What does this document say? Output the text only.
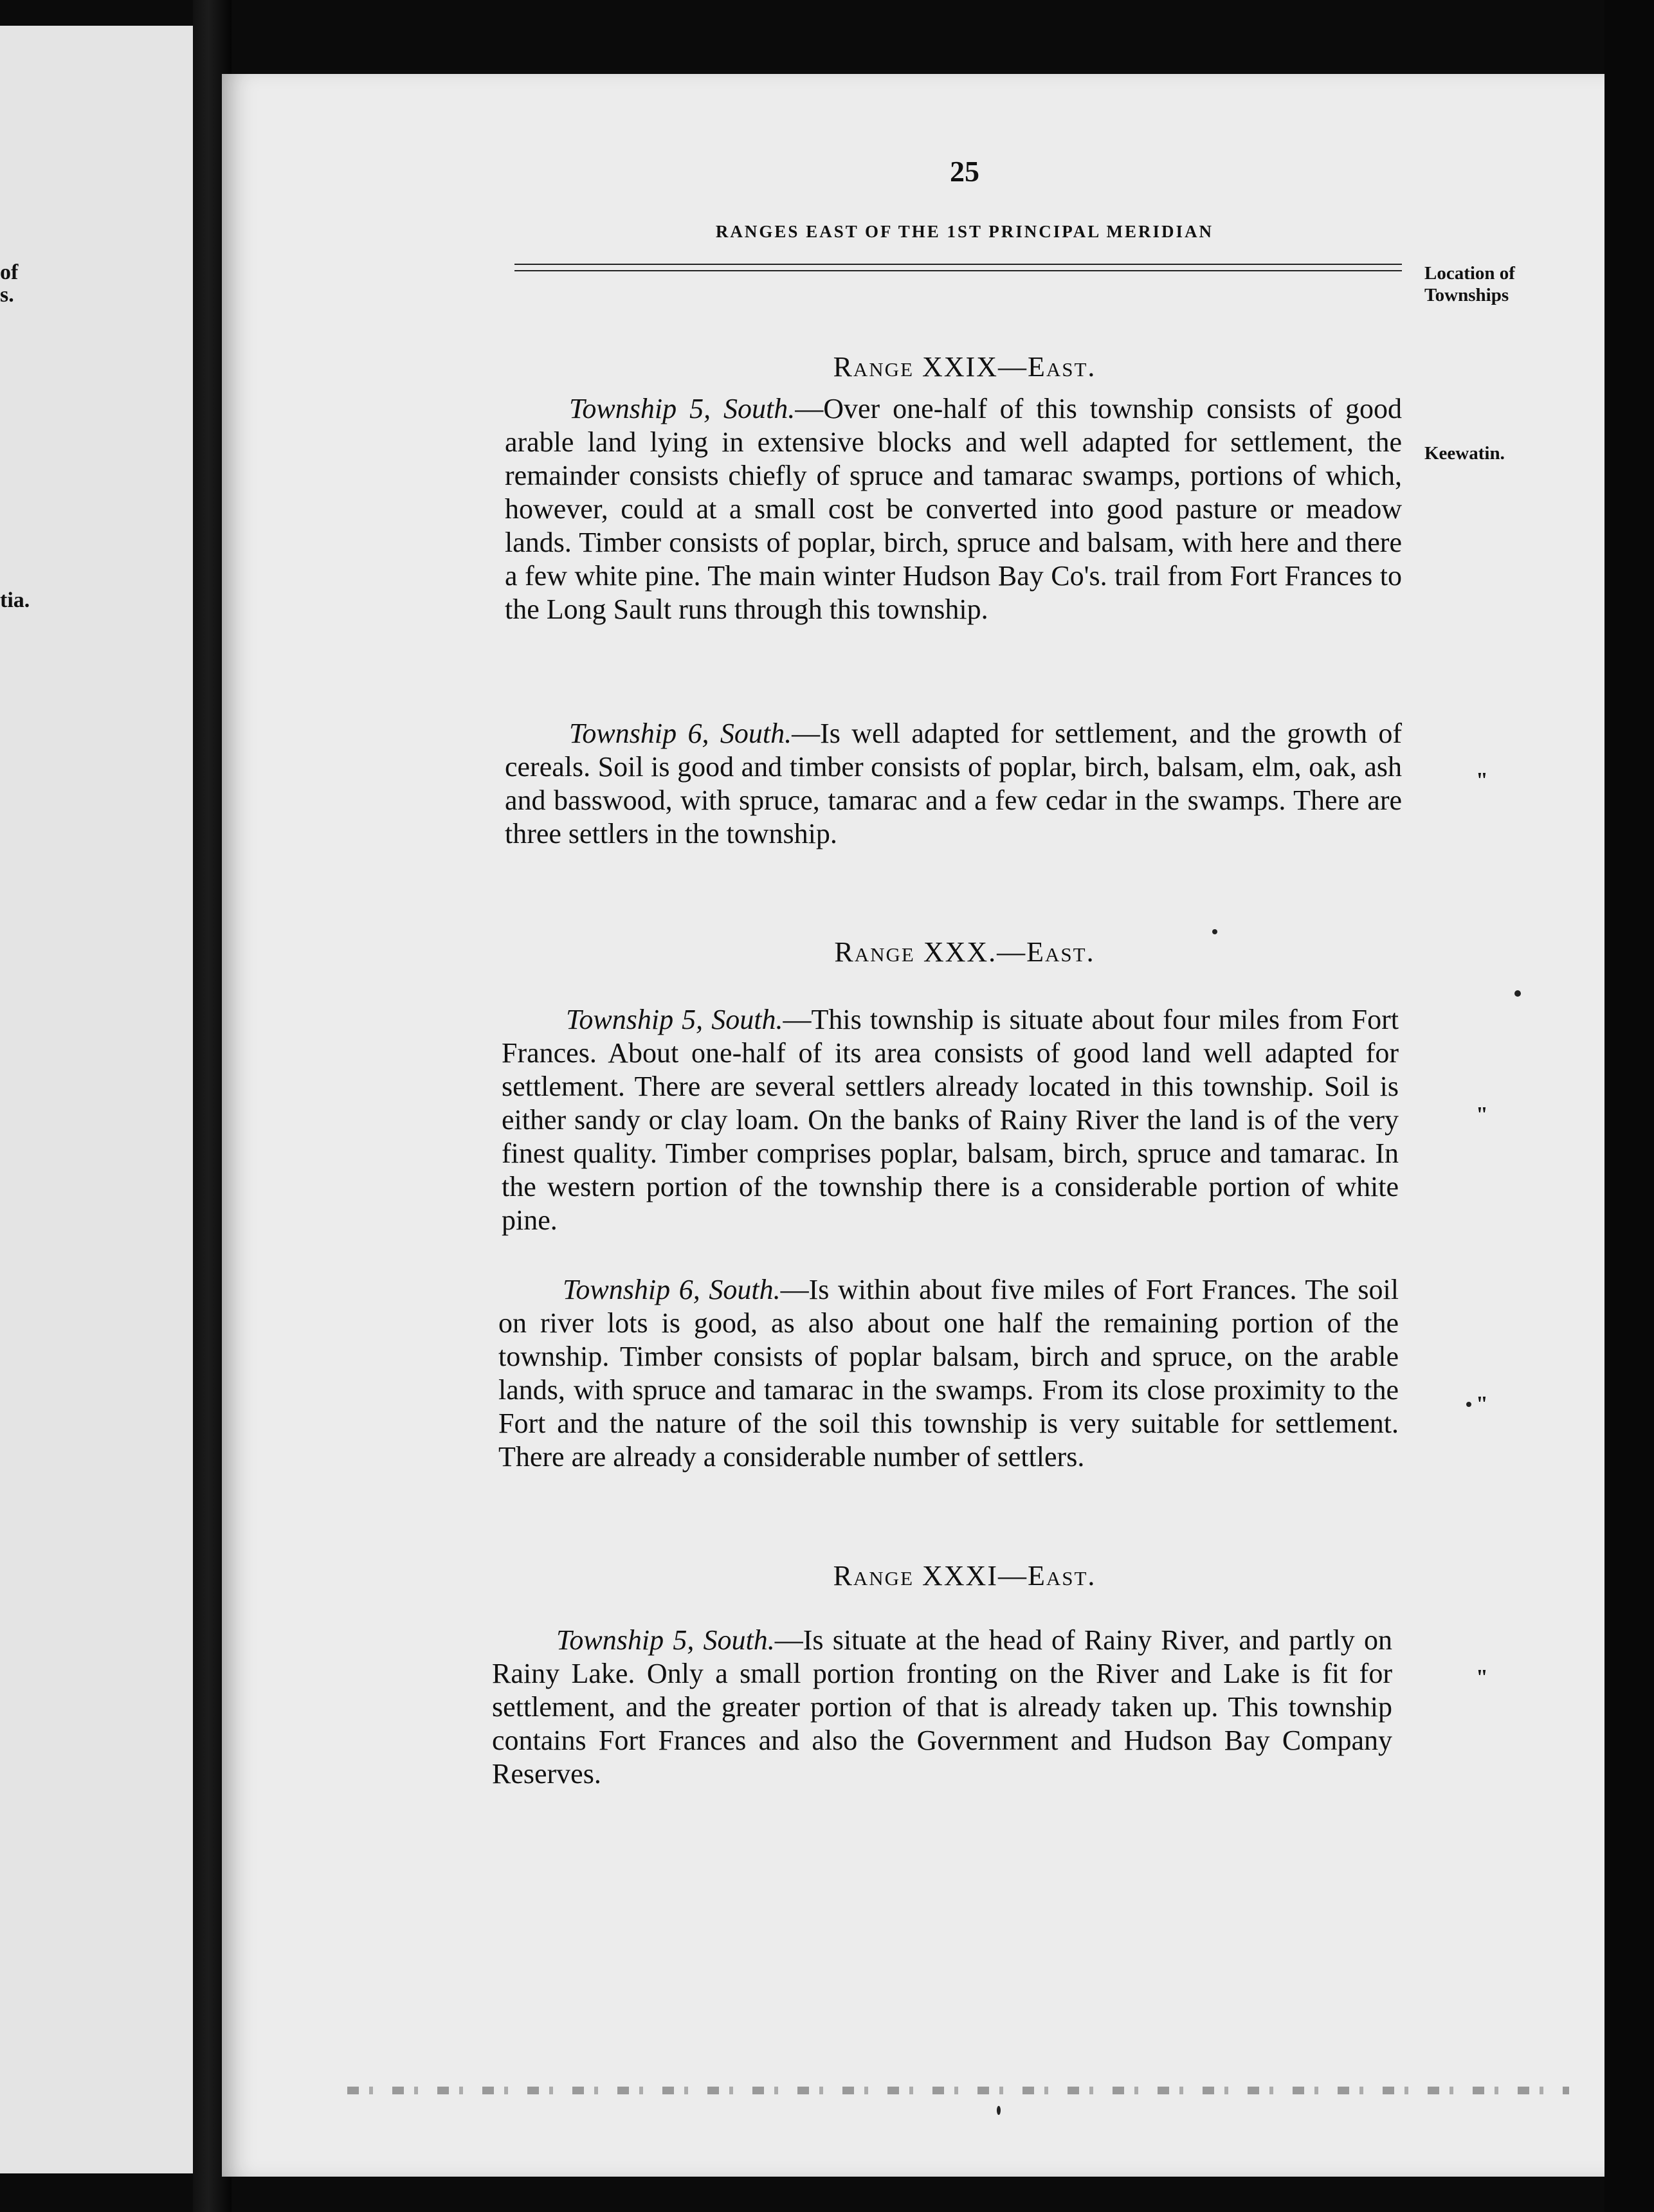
of
s.
tia.
25
RANGES EAST OF THE 1ST PRINCIPAL MERIDIAN
Location of Townships
Keewatin.
"
"
"
"
Range XXIX—East.

Township 5, South.—Over one-half of this township consists of good arable land lying in extensive blocks and well adapted for settlement, the remainder consists chiefly of spruce and tamarac swamps, portions of which, however, could at a small cost be converted into good pasture or meadow lands. Timber consists of poplar, birch, spruce and balsam, with here and there a few white pine. The main winter Hudson Bay Co's. trail from Fort Frances to the Long Sault runs through this township.

Township 6, South.—Is well adapted for settlement, and the growth of cereals. Soil is good and timber consists of poplar, birch, balsam, elm, oak, ash and basswood, with spruce, tamarac and a few cedar in the swamps. There are three settlers in the township.

Range XXX.—East.

Township 5, South.—This township is situate about four miles from Fort Frances. About one-half of its area consists of good land well adapted for settlement. There are several settlers already located in this township. Soil is either sandy or clay loam. On the banks of Rainy River the land is of the very finest quality. Timber comprises poplar, balsam, birch, spruce and tamarac. In the western portion of the township there is a considerable portion of white pine.

Township 6, South.—Is within about five miles of Fort Frances. The soil on river lots is good, as also about one half the remaining portion of the township. Timber consists of poplar balsam, birch and spruce, on the arable lands, with spruce and tamarac in the swamps. From its close proximity to the Fort and the nature of the soil this township is very suitable for settlement. There are already a considerable number of settlers.

Range XXXI—East.

Township 5, South.—Is situate at the head of Rainy River, and partly on Rainy Lake. Only a small portion fronting on the River and Lake is fit for settlement, and the greater portion of that is already taken up. This township contains Fort Frances and also the Government and Hudson Bay Company Reserves.
